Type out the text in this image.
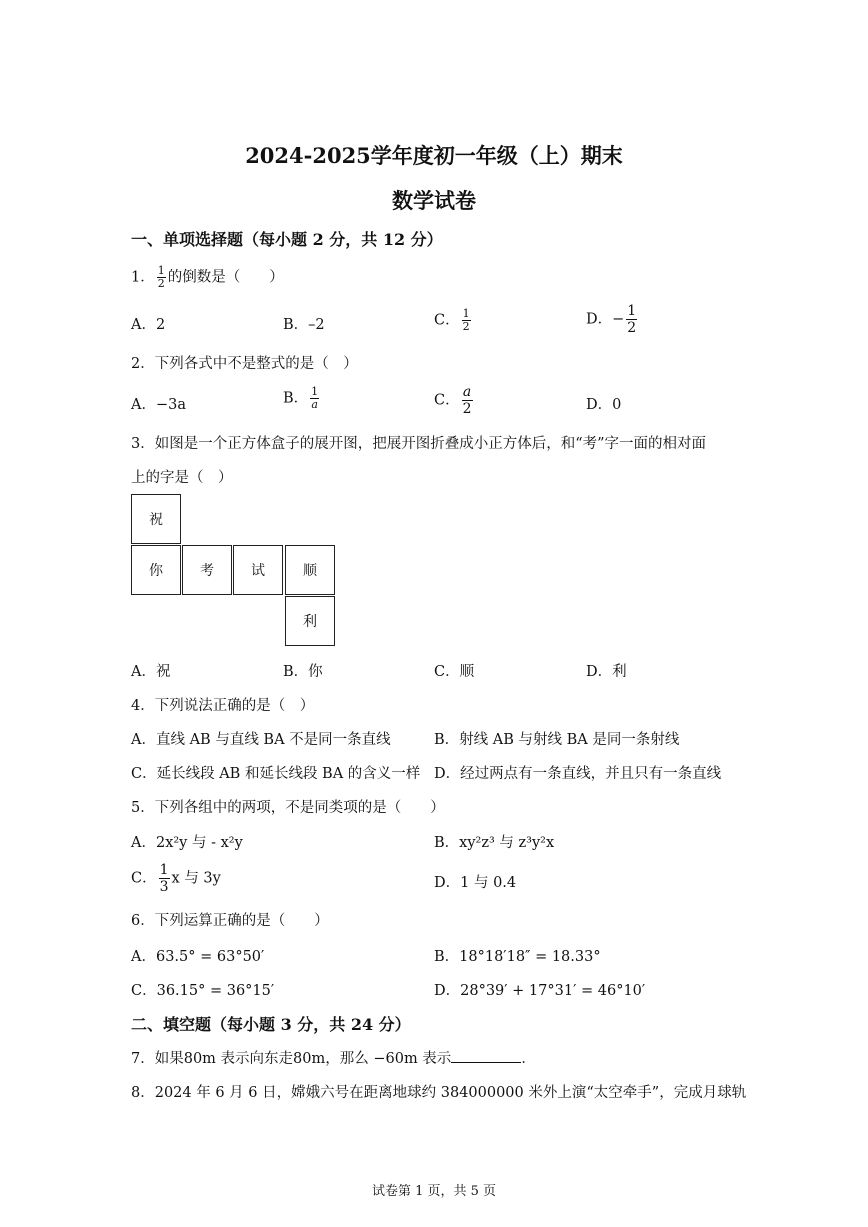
2024-2025学年度初一年级（上）期末
数学试卷
一、单项选择题（每小题 2 分，共 12 分）
1． $\frac{1}{2}$ 的倒数是（　　）
A．2	B．–2	C． $\frac{1}{2}$	D．− $\frac{1}{2}$
2．下列各式中不是整式的是（　）
A．−3a	B． $\frac{1}{a}$	C． $\frac{a}{2}$	D．0
3．如图是一个正方体盒子的展开图，把展开图折叠成小正方体后，和“考”字一面的相对面
上的字是（　）
祝
你	考	试	顺
利
A．祝	B．你	C．顺	D．利
4．下列说法正确的是（　）
A．直线 AB 与直线 BA 不是同一条直线	B．射线 AB 与射线 BA 是同一条射线
C．延长线段 AB 和延长线段 BA 的含义一样 D．经过两点有一条直线，并且只有一条直线
5．下列各组中的两项，不是同类项的是（　　）
A．2x²y 与 - x²y	B．xy²z³ 与 z³y²x
C． $\frac{1}{3}$ x 与 3y	D．1 与 0.4
6．下列运算正确的是（　　）
A．63.5° = 63°50′	B．18°18′18″ = 18.33°
C．36.15° = 36°15′	D．28°39′ + 17°31′ = 46°10′
二、填空题（每小题 3 分，共 24 分）
7．如果80m 表示向东走80m，那么 −60m 表示	．
8．2024 年 6 月 6 日，嫦娥六号在距离地球约 384000000 米外上演“太空牵手”，完成月球轨
试卷第 1 页，共 5 页
